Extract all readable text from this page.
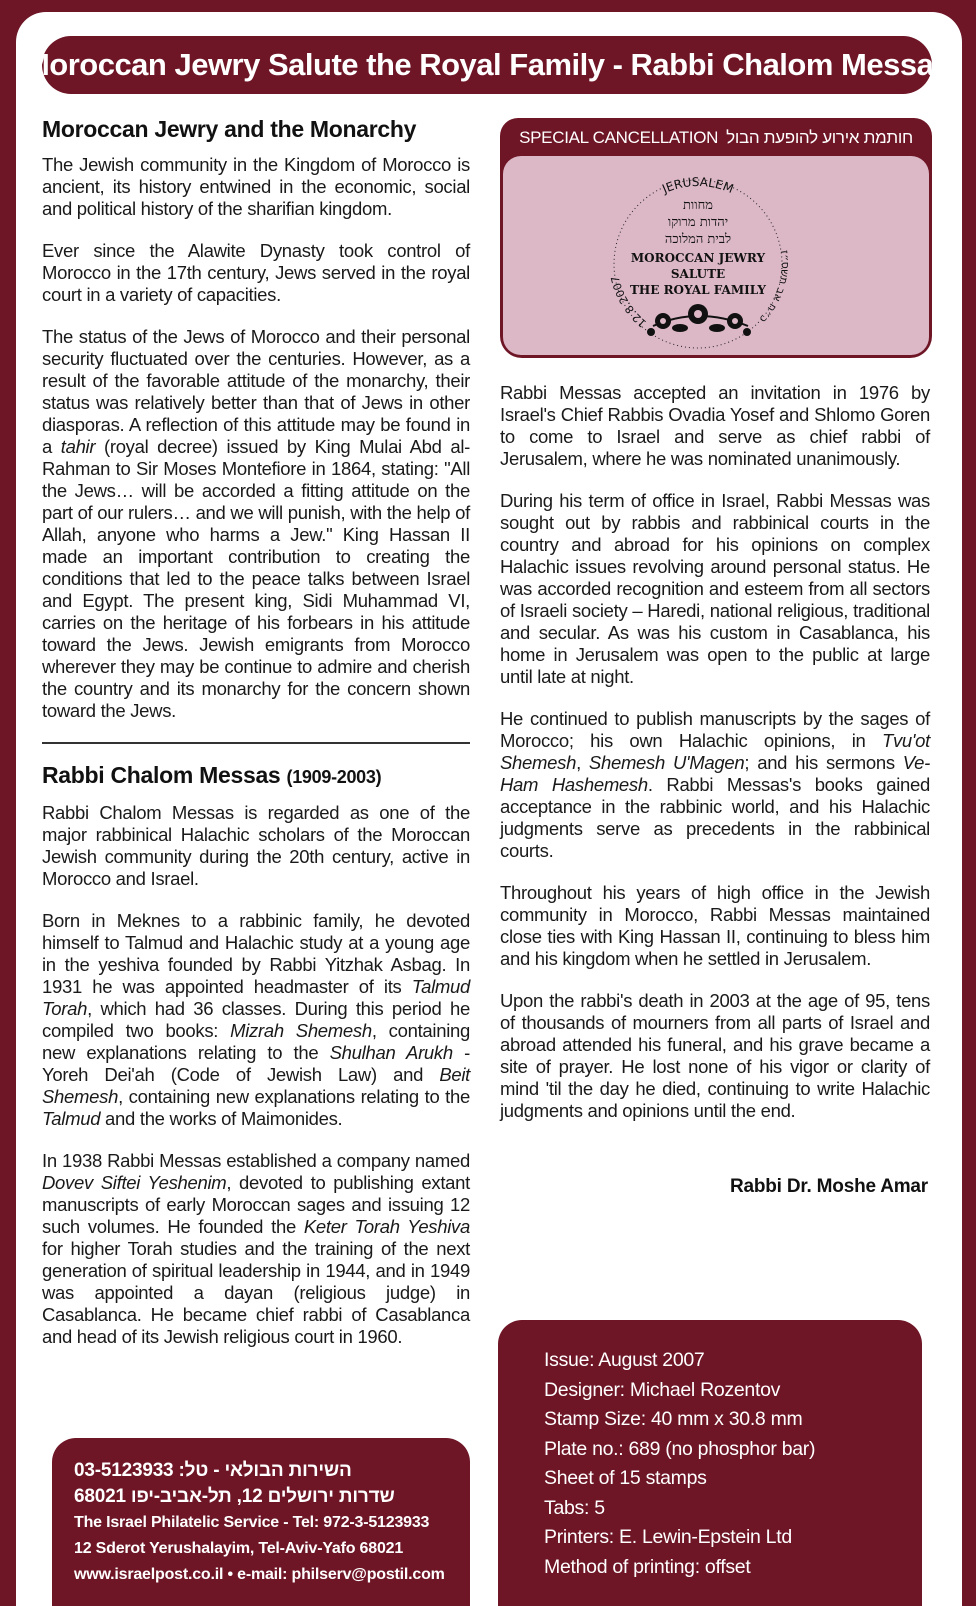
Moroccan Jewry Salute the Royal Family - Rabbi Chalom Messas
Moroccan Jewry and the Monarchy

The Jewish community in the Kingdom of Morocco is ancient, its history entwined in the economic, social and political history of the sharifian kingdom.

Ever since the Alawite Dynasty took control of Morocco in the 17th century, Jews served in the royal court in a variety of capacities.

The status of the Jews of Morocco and their personal security fluctuated over the centuries. However, as a result of the favorable attitude of the monarchy, their status was relatively better than that of Jews in other diasporas. A reflection of this attitude may be found in a tahir (royal decree) issued by King Mulai Abd al-Rahman to Sir Moses Montefiore in 1864, stating: "All the Jews… will be accorded a fitting attitude on the part of our rulers… and we will punish, with the help of Allah, anyone who harms a Jew." King Hassan II made an important contribution to creating the conditions that led to the peace talks between Israel and Egypt. The present king, Sidi Muhammad VI, carries on the heritage of his forbears in his attitude toward the Jews. Jewish emigrants from Morocco wherever they may be continue to admire and cherish the country and its monarchy for the concern shown toward the Jews.

Rabbi Chalom Messas (1909-2003)

Rabbi Chalom Messas is regarded as one of the major rabbinical Halachic scholars of the Moroccan Jewish community during the 20th century, active in Morocco and Israel.

Born in Meknes to a rabbinic family, he devoted himself to Talmud and Halachic study at a young age in the yeshiva founded by Rabbi Yitzhak Asbag. In 1931 he was appointed headmaster of its Talmud Torah, which had 36 classes. During this period he compiled two books: Mizrah Shemesh, containing new explanations relating to the Shulhan Arukh - Yoreh Dei'ah (Code of Jewish Law) and Beit Shemesh, containing new explanations relating to the Talmud and the works of Maimonides.

In 1938 Rabbi Messas established a company named Dovev Siftei Yeshenim, devoted to publishing extant manuscripts of early Moroccan sages and issuing 12 such volumes. He founded the Keter Torah Yeshiva for higher Torah studies and the training of the next generation of spiritual leadership in 1944, and in 1949 was appointed a dayan (religious judge) in Casablanca. He became chief rabbi of Casablanca and head of its Jewish religious court in 1960.

SPECIAL CANCELLATION חותמת אירוע להופעת הבול
JERUSALEM
12.8.2007
כ״ח אב תשס״ז
מחוות
יהדות מרוקו
לבית המלוכה
MOROCCAN JEWRY
SALUTE
THE ROYAL FAMILY

Rabbi Messas accepted an invitation in 1976 by Israel's Chief Rabbis Ovadia Yosef and Shlomo Goren to come to Israel and serve as chief rabbi of Jerusalem, where he was nominated unanimously.

During his term of office in Israel, Rabbi Messas was sought out by rabbis and rabbinical courts in the country and abroad for his opinions on complex Halachic issues revolving around personal status. He was accorded recognition and esteem from all sectors of Israeli society – Haredi, national religious, traditional and secular. As was his custom in Casablanca, his home in Jerusalem was open to the public at large until late at night.

He continued to publish manuscripts by the sages of Morocco; his own Halachic opinions, in Tvu'ot Shemesh, Shemesh U'Magen; and his sermons Ve-Ham Hashemesh. Rabbi Messas's books gained acceptance in the rabbinic world, and his Halachic judgments serve as precedents in the rabbinical courts.

Throughout his years of high office in the Jewish community in Morocco, Rabbi Messas maintained close ties with King Hassan II, continuing to bless him and his kingdom when he settled in Jerusalem.

Upon the rabbi's death in 2003 at the age of 95, tens of thousands of mourners from all parts of Israel and abroad attended his funeral, and his grave became a site of prayer. He lost none of his vigor or clarity of mind 'til the day he died, continuing to write Halachic judgments and opinions until the end.

Rabbi Dr. Moshe Amar
Issue: August 2007
Designer: Michael Rozentov
Stamp Size: 40 mm x 30.8 mm
Plate no.: 689 (no phosphor bar)
Sheet of 15 stamps
Tabs: 5
Printers: E. Lewin-Epstein Ltd
Method of printing: offset
השירות הבולאי - טל: 03-5123933
שדרות ירושלים 12, תל-אביב-יפו 68021
The Israel Philatelic Service - Tel: 972-3-5123933
12 Sderot Yerushalayim, Tel-Aviv-Yafo 68021
www.israelpost.co.il • e-mail: philserv@postil.com
